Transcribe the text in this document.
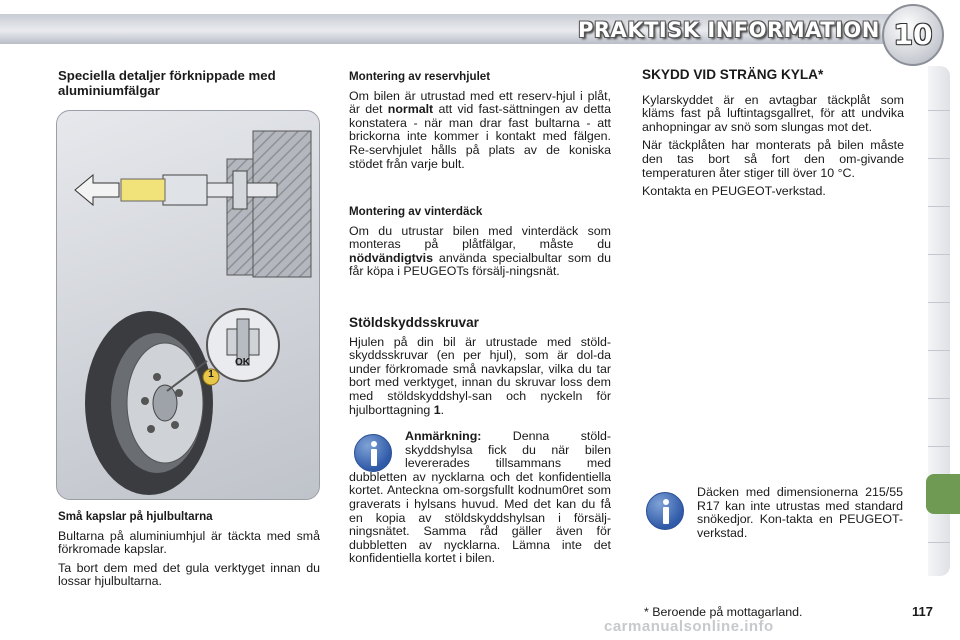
PRAKTISK INFORMATION 10
Speciella detaljer förknippade med aluminiumfälgar
1
OK
Små kapslar på hjulbultarna

Bultarna på aluminiumhjul är täckta med små förkromade kapslar.

Ta bort dem med det gula verktyget innan du lossar hjulbultarna.

Montering av reservhjulet

Om bilen är utrustad med ett reserv-hjul i plåt, är det normalt att vid fast-sättningen av detta konstatera - när man drar fast bultarna - att brickorna inte kommer i kontakt med fälgen. Re-servhjulet hålls på plats av de koniska stödet från varje bult.

Montering av vinterdäck

Om du utrustar bilen med vinterdäck som monteras på plåtfälgar, måste du nödvändigtvis använda specialbultar som du får köpa i PEUGEOTs försälj-ningsnät.

Stöldskyddsskruvar

Hjulen på din bil är utrustade med stöld-skyddsskruvar (en per hjul), som är dol-da under förkromade små navkapslar, vilka du tar bort med verktyget, innan du skruvar loss dem med stöldskyddshyl-san och nyckeln för hjulborttagning 1.

Anmärkning: Denna stöld-skyddshylsa fick du när bilen levererades tillsammans med dubbletten av nycklarna och det konfidentiella kortet. Anteckna om-sorgsfullt kodnum0ret som graverats i hylsans huvud. Med det kan du få en kopia av stöldskyddshylsan i försälj-ningsnätet. Samma råd gäller även för dubbletten av nycklarna. Lämna inte det konfidentiella kortet i bilen.

SKYDD VID STRÄNG KYLA*

Kylarskyddet är en avtagbar täckplåt som kläms fast på luftintagsgallret, för att undvika anhopningar av snö som slungas mot det.

När täckplåten har monterats på bilen måste den tas bort så fort den om-givande temperaturen åter stiger till över 10 °C.

Kontakta en PEUGEOT-verkstad.

Däcken med dimensionerna 215/55 R17 kan inte utrustas med standard snökedjor. Kon-takta en PEUGEOT-verkstad.

* Beroende på mottagarland.	117
carmanualsonline.info
